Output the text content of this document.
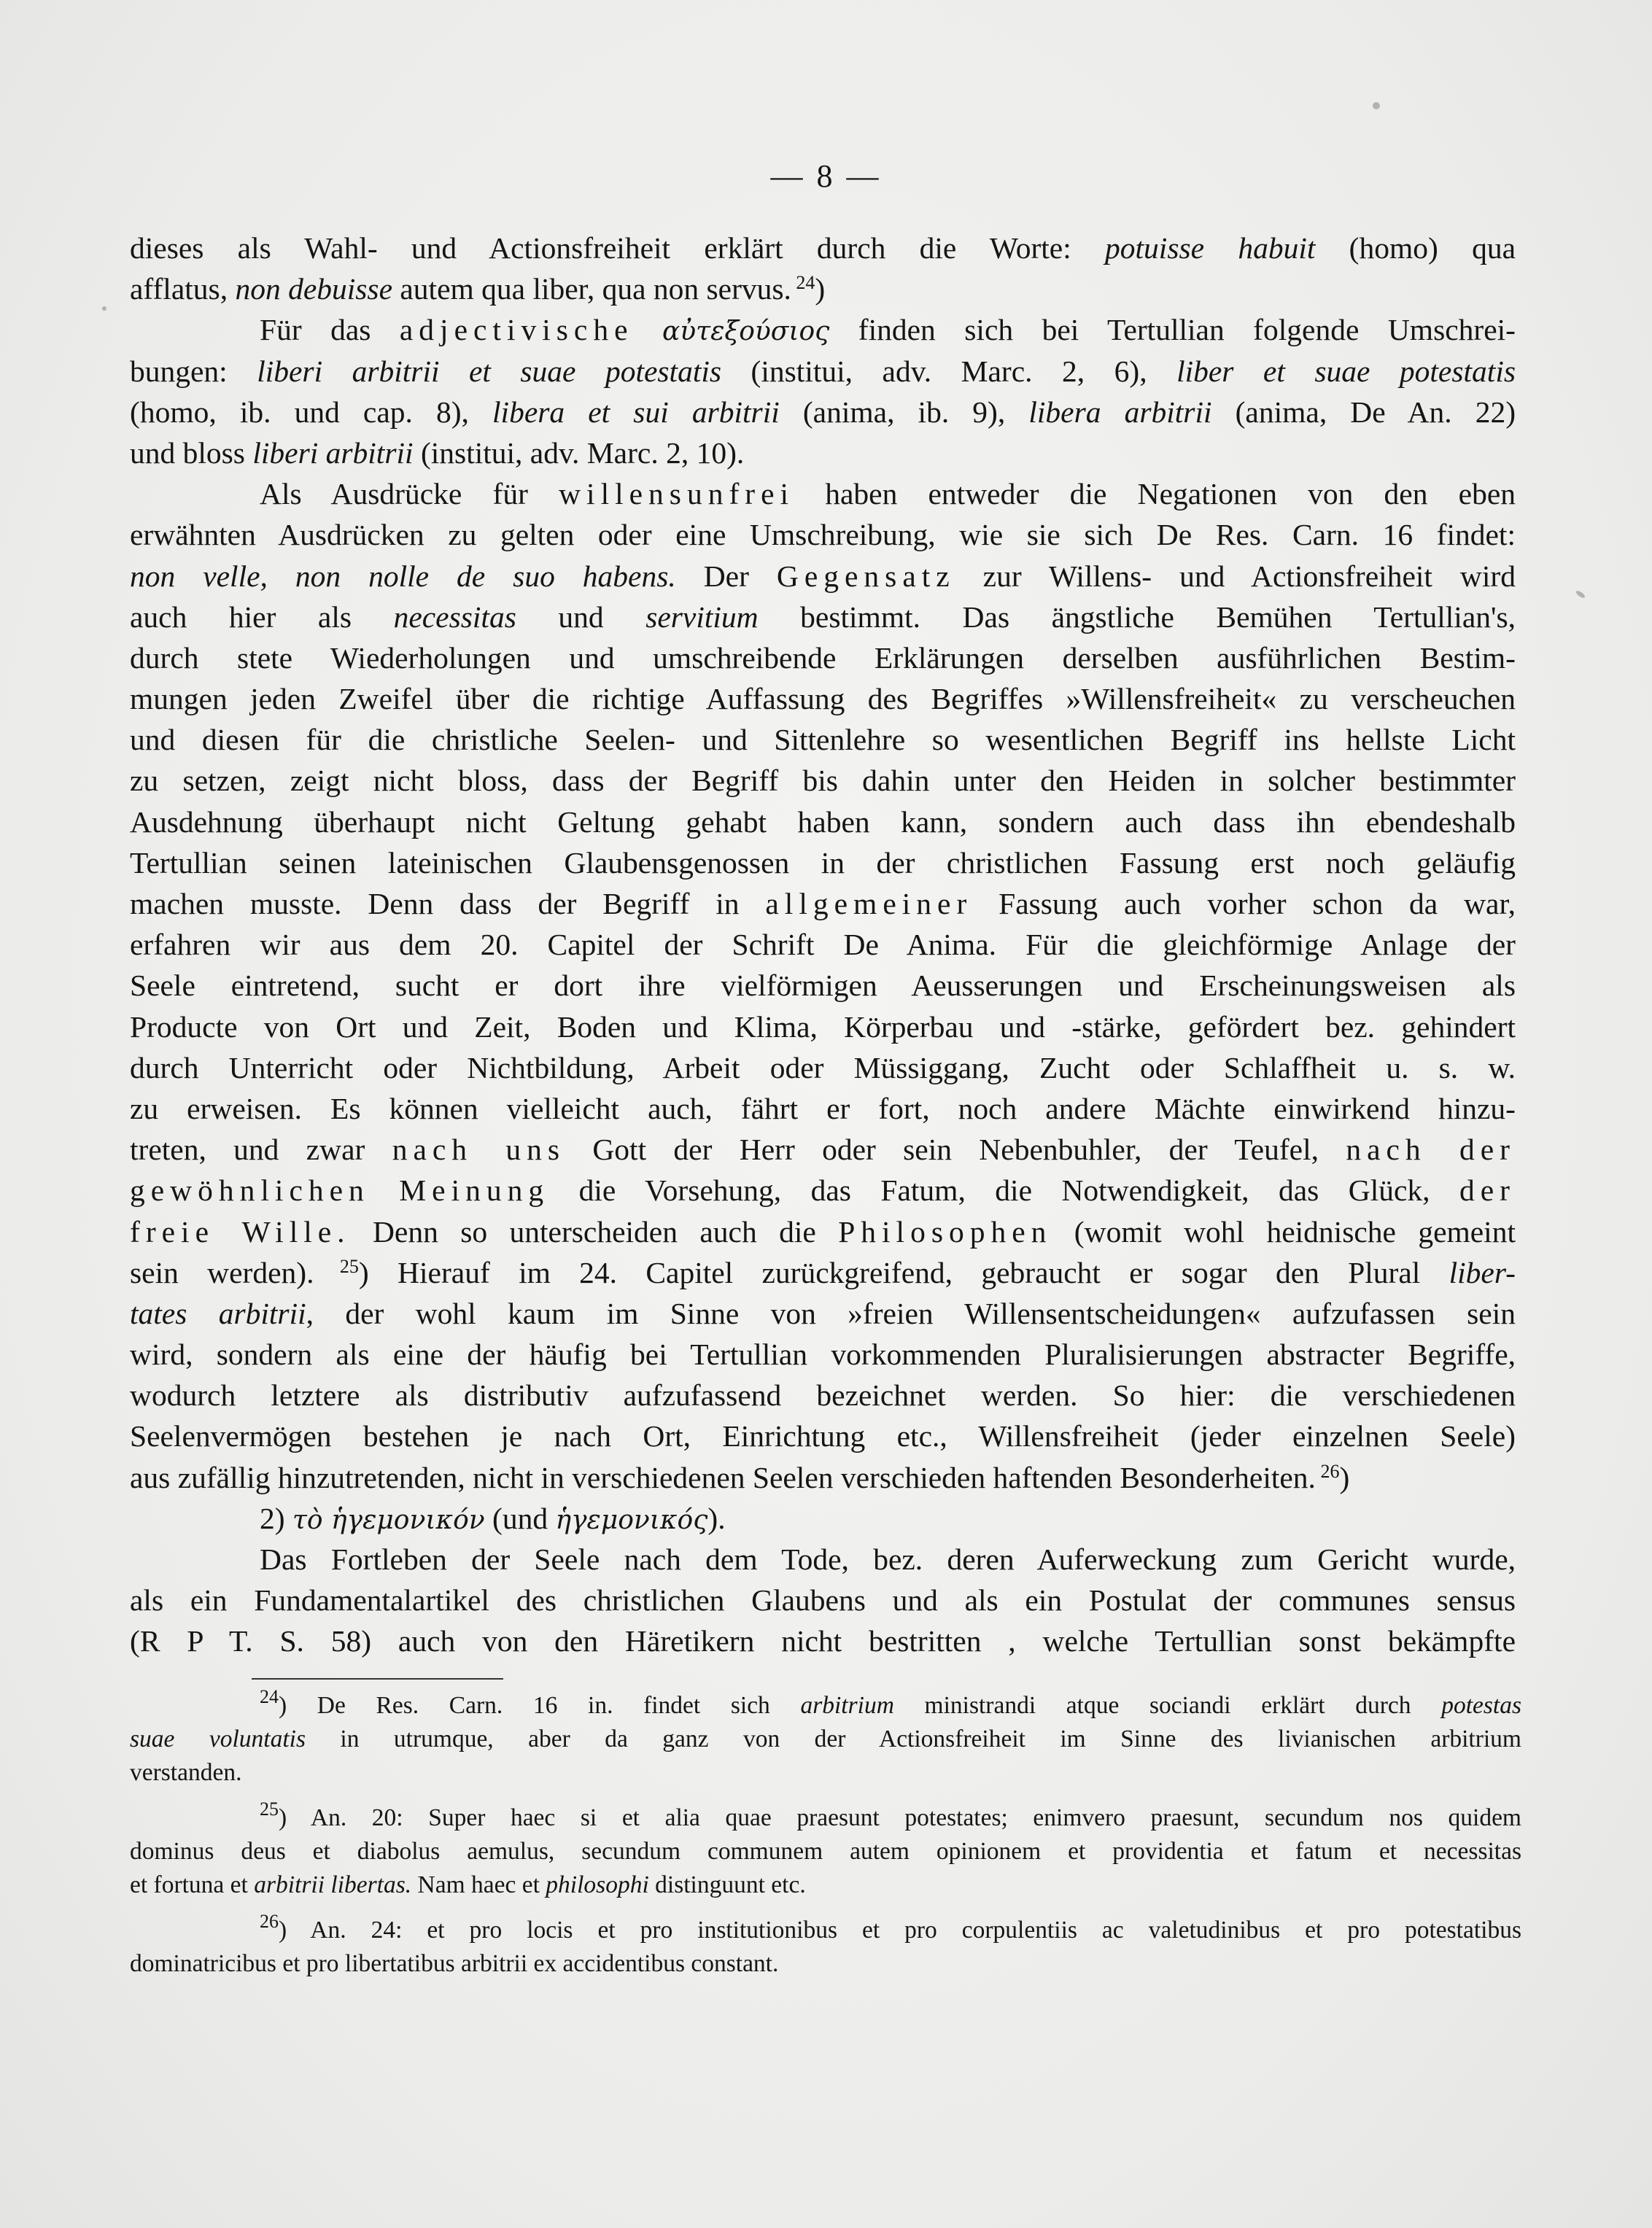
— 8 —
dieses als Wahl- und Actionsfreiheit erklärt durch die Worte: potuisse habuit (homo) qua
afflatus, non debuisse autem qua liber, qua non servus. $^{24}$)
Für das adjectivische αὐτεξούσιος finden sich bei Tertullian folgende Umschrei-
bungen: liberi arbitrii et suae potestatis (institui, adv. Marc. 2, 6), liber et suae potestatis
(homo, ib. und cap. 8), libera et sui arbitrii (anima, ib. 9), libera arbitrii (anima, De An. 22)
und bloss liberi arbitrii (institui, adv. Marc. 2, 10).
Als Ausdrücke für willensunfrei haben entweder die Negationen von den eben
erwähnten Ausdrücken zu gelten oder eine Umschreibung, wie sie sich De Res. Carn. 16 findet:
non velle, non nolle de suo habens. Der Gegensatz zur Willens- und Actionsfreiheit wird
auch hier als necessitas und servitium bestimmt. Das ängstliche Bemühen Tertullian's,
durch stete Wiederholungen und umschreibende Erklärungen derselben ausführlichen Bestim-
mungen jeden Zweifel über die richtige Auffassung des Begriffes »Willensfreiheit« zu verscheuchen
und diesen für die christliche Seelen- und Sittenlehre so wesentlichen Begriff ins hellste Licht
zu setzen, zeigt nicht bloss, dass der Begriff bis dahin unter den Heiden in solcher bestimmter
Ausdehnung überhaupt nicht Geltung gehabt haben kann, sondern auch dass ihn ebendeshalb
Tertullian seinen lateinischen Glaubensgenossen in der christlichen Fassung erst noch geläufig
machen musste. Denn dass der Begriff in allgemeiner Fassung auch vorher schon da war,
erfahren wir aus dem 20. Capitel der Schrift De Anima. Für die gleichförmige Anlage der
Seele eintretend, sucht er dort ihre vielförmigen Aeusserungen und Erscheinungsweisen als
Producte von Ort und Zeit, Boden und Klima, Körperbau und -stärke, gefördert bez. gehindert
durch Unterricht oder Nichtbildung, Arbeit oder Müssiggang, Zucht oder Schlaffheit u. s. w.
zu erweisen. Es können vielleicht auch, fährt er fort, noch andere Mächte einwirkend hinzu-
treten, und zwar nach uns Gott der Herr oder sein Nebenbuhler, der Teufel, nach der
gewöhnlichen Meinung die Vorsehung, das Fatum, die Notwendigkeit, das Glück, der
freie Wille. Denn so unterscheiden auch die Philosophen (womit wohl heidnische gemeint
sein werden). $^{25}$) Hierauf im 24. Capitel zurückgreifend, gebraucht er sogar den Plural liber-
tates arbitrii, der wohl kaum im Sinne von »freien Willensentscheidungen« aufzufassen sein
wird, sondern als eine der häufig bei Tertullian vorkommenden Pluralisierungen abstracter Begriffe,
wodurch letztere als distributiv aufzufassend bezeichnet werden. So hier: die verschiedenen
Seelenvermögen bestehen je nach Ort, Einrichtung etc., Willensfreiheit (jeder einzelnen Seele)
aus zufällig hinzutretenden, nicht in verschiedenen Seelen verschieden haftenden Besonderheiten. $^{26}$)
2) τὸ ἡγεμονικόν (und ἡγεμονικός).
Das Fortleben der Seele nach dem Tode, bez. deren Auferweckung zum Gericht wurde,
als ein Fundamentalartikel des christlichen Glaubens und als ein Postulat der communes sensus
(R P T. S. 58) auch von den Häretikern nicht bestritten , welche Tertullian sonst bekämpfte
$^{24}$) De Res. Carn. 16 in. findet sich arbitrium ministrandi atque sociandi erklärt durch potestas
suae voluntatis in utrumque, aber da ganz von der Actionsfreiheit im Sinne des livianischen arbitrium
verstanden.
$^{25}$) An. 20: Super haec si et alia quae praesunt potestates; enimvero praesunt, secundum nos quidem
dominus deus et diabolus aemulus, secundum communem autem opinionem et providentia et fatum et necessitas
et fortuna et arbitrii libertas. Nam haec et philosophi distinguunt etc.
$^{26}$) An. 24: et pro locis et pro institutionibus et pro corpulentiis ac valetudinibus et pro potestatibus
dominatricibus et pro libertatibus arbitrii ex accidentibus constant.
